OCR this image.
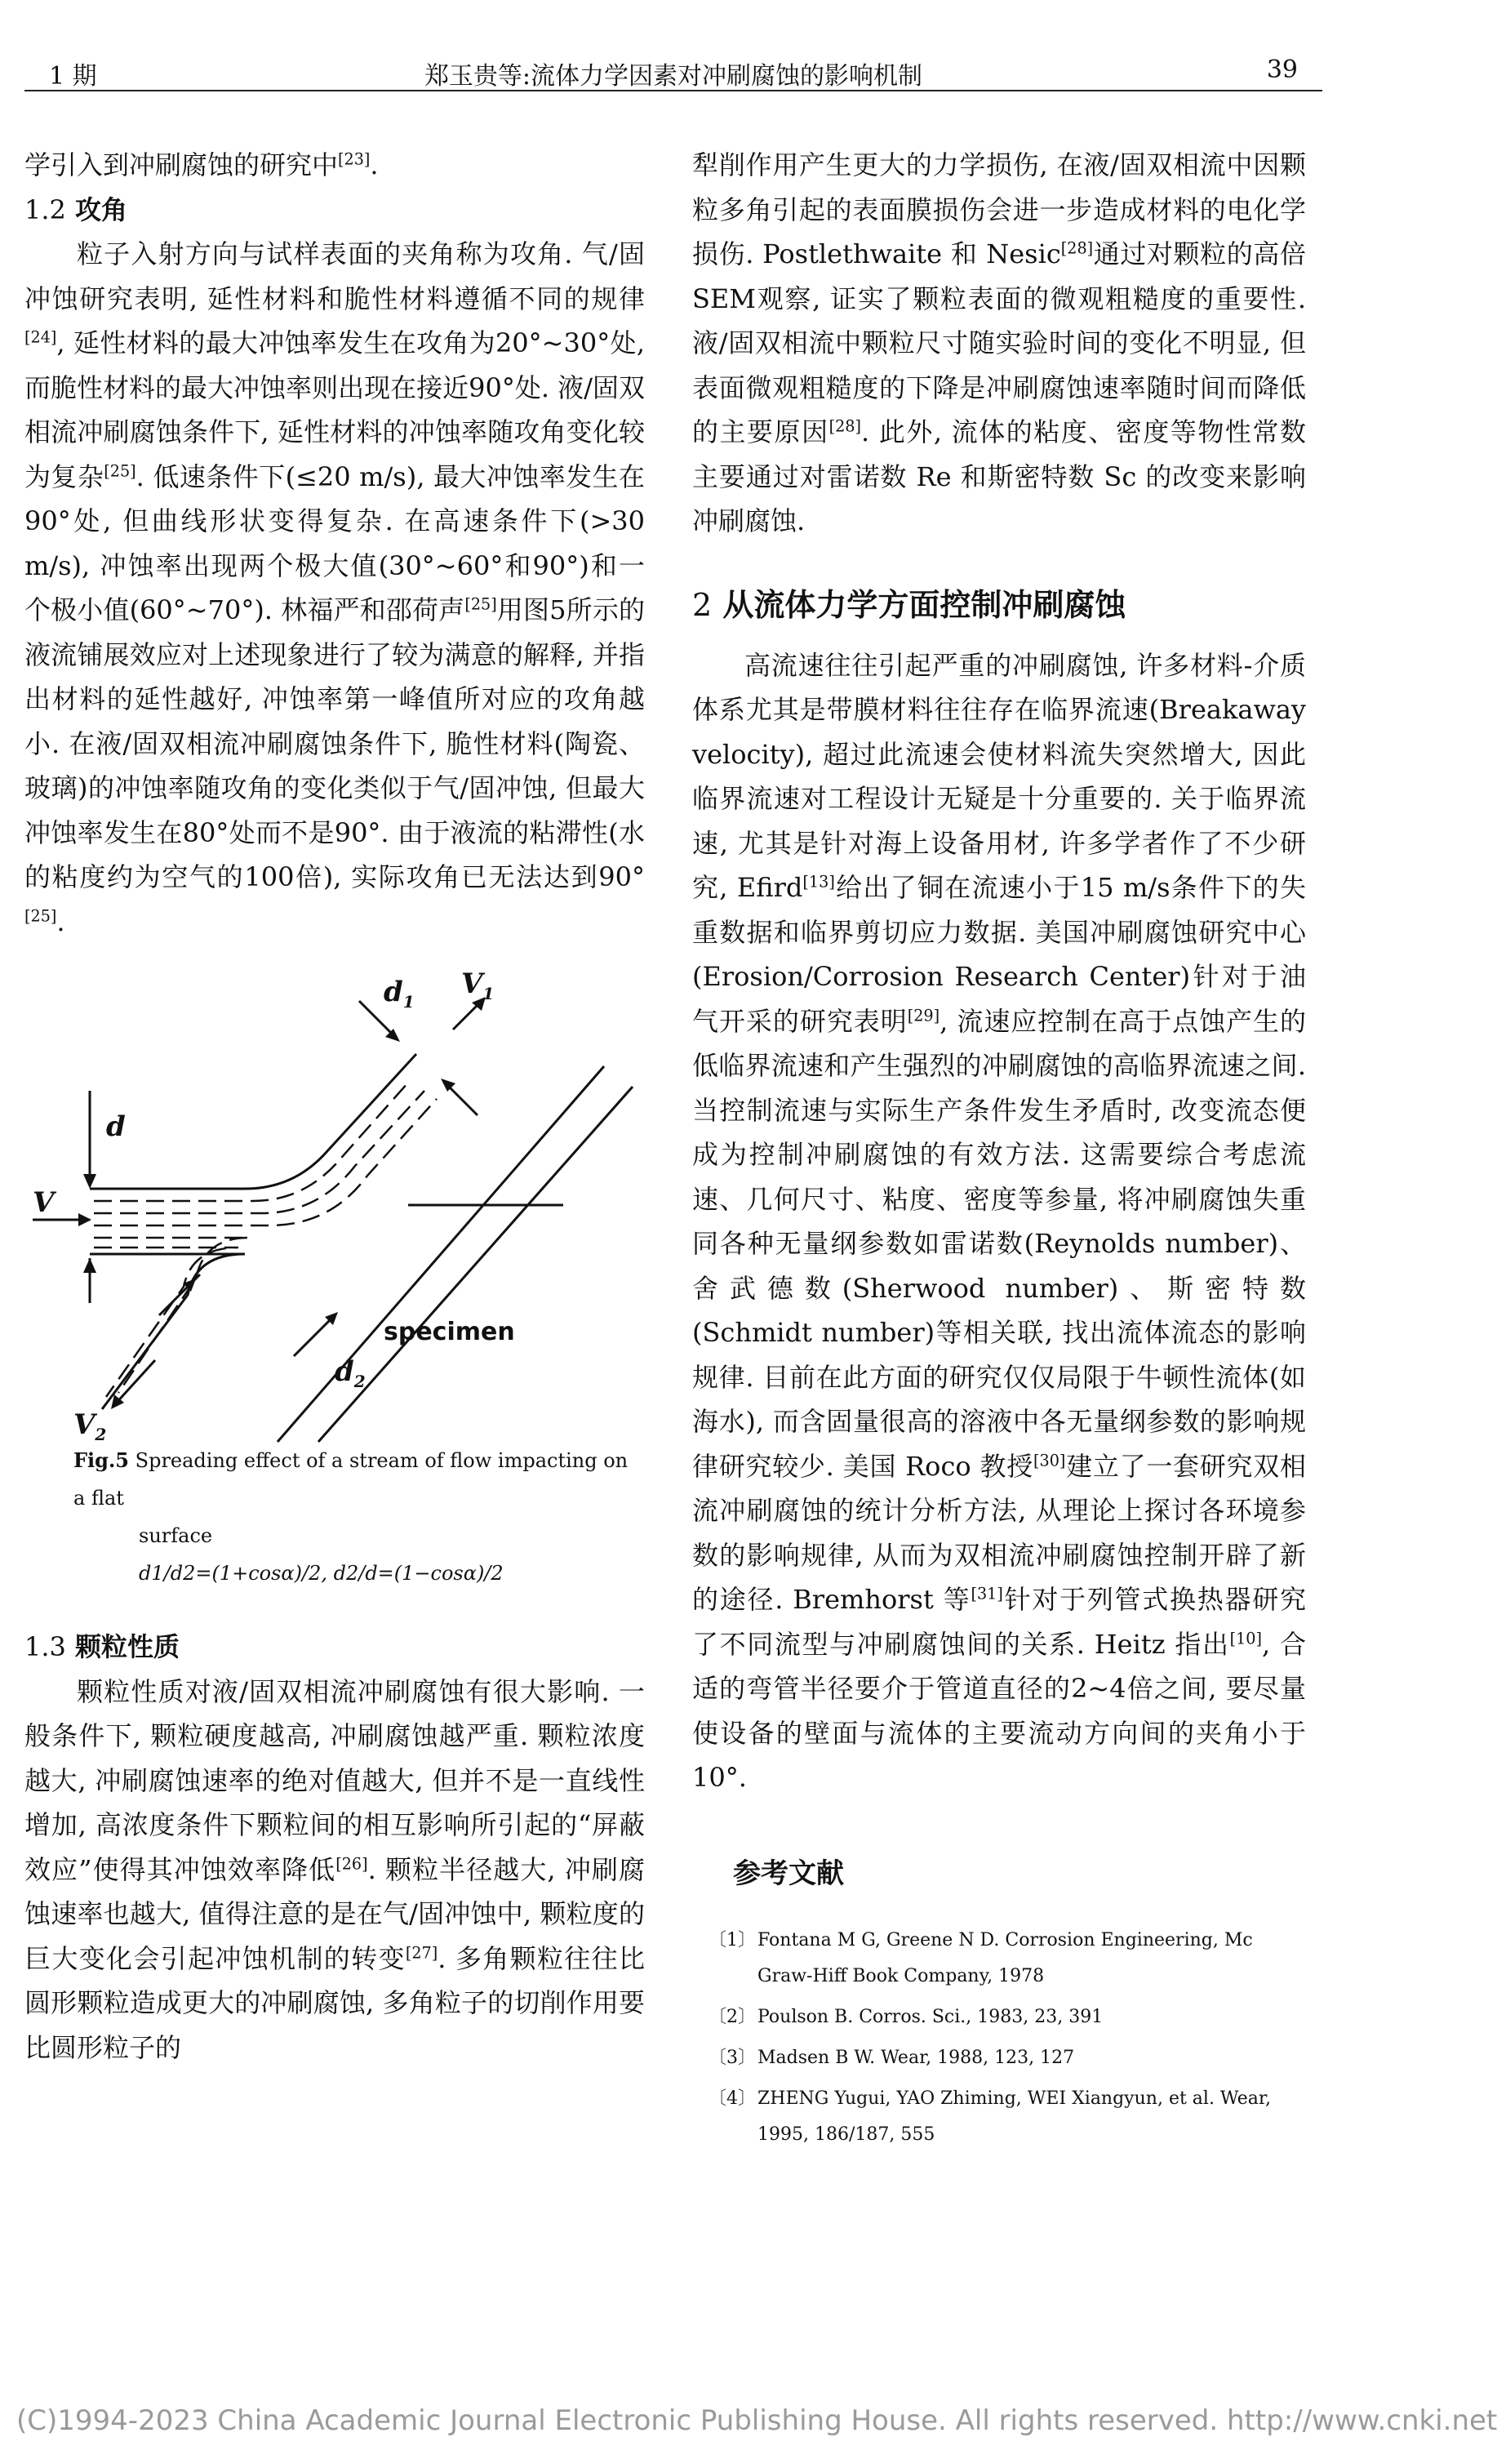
1 期	郑玉贵等:流体力学因素对冲刷腐蚀的影响机制	39

学引入到冲刷腐蚀的研究中[23].

1.2 攻角

粒子入射方向与试样表面的夹角称为攻角. 气/固冲蚀研究表明, 延性材料和脆性材料遵循不同的规律[24], 延性材料的最大冲蚀率发生在攻角为20°~30°处, 而脆性材料的最大冲蚀率则出现在接近90°处. 液/固双相流冲刷腐蚀条件下, 延性材料的冲蚀率随攻角变化较为复杂[25]. 低速条件下(≤20 m/s), 最大冲蚀率发生在90°处, 但曲线形状变得复杂. 在高速条件下(>30 m/s), 冲蚀率出现两个极大值(30°~60°和90°)和一个极小值(60°~70°). 林福严和邵荷声[25]用图5所示的液流铺展效应对上述现象进行了较为满意的解释, 并指出材料的延性越好, 冲蚀率第一峰值所对应的攻角越小. 在液/固双相流冲刷腐蚀条件下, 脆性材料(陶瓷、玻璃)的冲蚀率随攻角的变化类似于气/固冲蚀, 但最大冲蚀率发生在80°处而不是90°. 由于液流的粘滞性(水的粘度约为空气的100倍), 实际攻角已无法达到90°[25].

$d_1$
$V_1$
d
V
$d_2$
$V_2$
specimen
Fig.5 Spreading effect of a stream of flow impacting on a flat
surface
d1/d2=(1+cosα)/2, d2/d=(1−cosα)/2
1.3 颗粒性质

颗粒性质对液/固双相流冲刷腐蚀有很大影响. 一般条件下, 颗粒硬度越高, 冲刷腐蚀越严重. 颗粒浓度越大, 冲刷腐蚀速率的绝对值越大, 但并不是一直线性增加, 高浓度条件下颗粒间的相互影响所引起的“屏蔽效应”使得其冲蚀效率降低[26]. 颗粒半径越大, 冲刷腐蚀速率也越大, 值得注意的是在气/固冲蚀中, 颗粒度的巨大变化会引起冲蚀机制的转变[27]. 多角颗粒往往比圆形颗粒造成更大的冲刷腐蚀, 多角粒子的切削作用要比圆形粒子的

犁削作用产生更大的力学损伤, 在液/固双相流中因颗粒多角引起的表面膜损伤会进一步造成材料的电化学损伤. Postlethwaite 和 Nesic[28]通过对颗粒的高倍SEM观察, 证实了颗粒表面的微观粗糙度的重要性. 液/固双相流中颗粒尺寸随实验时间的变化不明显, 但表面微观粗糙度的下降是冲刷腐蚀速率随时间而降低的主要原因[28]. 此外, 流体的粘度、密度等物性常数主要通过对雷诺数 Re 和斯密特数 Sc 的改变来影响冲刷腐蚀.

2 从流体力学方面控制冲刷腐蚀

高流速往往引起严重的冲刷腐蚀, 许多材料-介质体系尤其是带膜材料往往存在临界流速(Breakaway velocity), 超过此流速会使材料流失突然增大, 因此临界流速对工程设计无疑是十分重要的. 关于临界流速, 尤其是针对海上设备用材, 许多学者作了不少研究, Efird[13]给出了铜在流速小于15 m/s条件下的失重数据和临界剪切应力数据. 美国冲刷腐蚀研究中心(Erosion/Corrosion Research Center)针对于油气开采的研究表明[29], 流速应控制在高于点蚀产生的低临界流速和产生强烈的冲刷腐蚀的高临界流速之间. 当控制流速与实际生产条件发生矛盾时, 改变流态便成为控制冲刷腐蚀的有效方法. 这需要综合考虑流速、几何尺寸、粘度、密度等参量, 将冲刷腐蚀失重同各种无量纲参数如雷诺数(Reynolds number)、舍武德数(Sherwood number)、斯密特数(Schmidt number)等相关联, 找出流体流态的影响规律. 目前在此方面的研究仅仅局限于牛顿性流体(如海水), 而含固量很高的溶液中各无量纲参数的影响规律研究较少. 美国 Roco 教授[30]建立了一套研究双相流冲刷腐蚀的统计分析方法, 从理论上探讨各环境参数的影响规律, 从而为双相流冲刷腐蚀控制开辟了新的途径. Bremhorst 等[31]针对于列管式换热器研究了不同流型与冲刷腐蚀间的关系. Heitz 指出[10], 合适的弯管半径要介于管道直径的2~4倍之间, 要尽量使设备的壁面与流体的主要流动方向间的夹角小于10°.

参考文献
〔1〕Fontana M G, Greene N D. Corrosion Engineering, Mc Graw-Hiff Book Company, 1978
〔2〕Poulson B. Corros. Sci., 1983, 23, 391
〔3〕Madsen B W. Wear, 1988, 123, 127
〔4〕ZHENG Yugui, YAO Zhiming, WEI Xiangyun, et al. Wear, 1995, 186/187, 555
(C)1994-2023 China Academic Journal Electronic Publishing House. All rights reserved. http://www.cnki.net
